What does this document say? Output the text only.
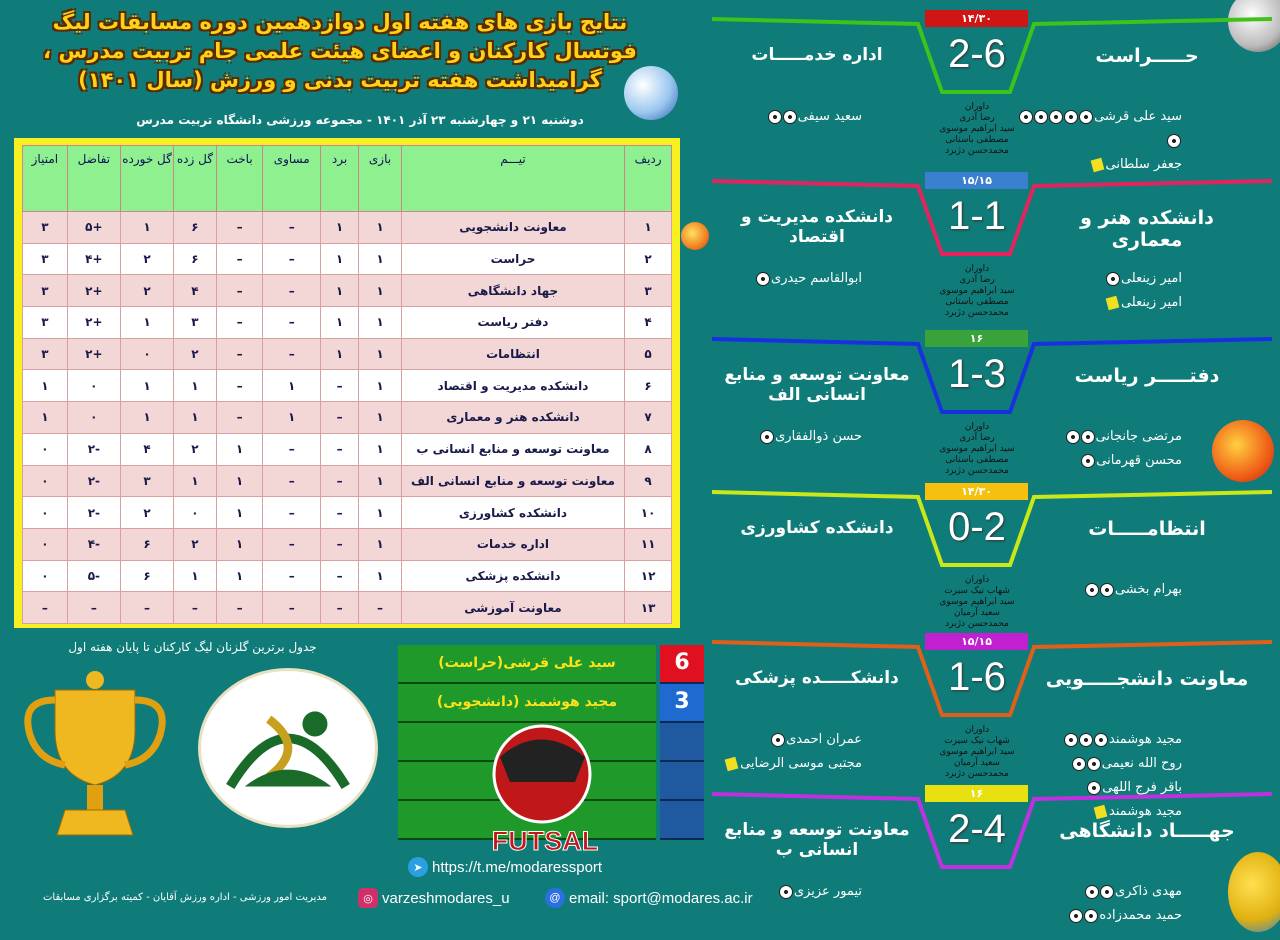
نتایج بازی های هفته اول دوازدهمین دوره مسابقات لیگ فوتسال کارکنان و اعضای هیئت علمی جام تربیت مدرس ، گرامیداشت هفته تربیت بدنی و ورزش (سال ۱۴۰۱)
دوشنبه ۲۱ و چهارشنبه ۲۳ آذر ۱۴۰۱ - مجموعه ورزشی دانشگاه تربیت مدرس
ردیف	تیـــم	بازی	برد	مساوی	باخت	گل زده	گل خورده	تفاضل	امتیاز
۱	معاونت دانشجویی	۱	۱	–	–	۶	۱	+۵	۳
۲	حراست	۱	۱	–	–	۶	۲	+۴	۳
۳	جهاد دانشگاهی	۱	۱	–	–	۴	۲	+۲	۳
۴	دفتر ریاست	۱	۱	–	–	۳	۱	+۲	۳
۵	انتظامات	۱	۱	–	–	۲	۰	+۲	۳
۶	دانشکده مدیریت و اقتصاد	۱	–	۱	–	۱	۱	۰	۱
۷	دانشکده هنر و معماری	۱	–	۱	–	۱	۱	۰	۱
۸	معاونت توسعه و منابع انسانی ب	۱	–	–	۱	۲	۴	-۲	۰
۹	معاونت توسعه و منابع انسانی الف	۱	–	–	۱	۱	۳	-۲	۰
۱۰	دانشکده کشاورزی	۱	–	–	۱	۰	۲	-۲	۰
۱۱	اداره خدمات	۱	–	–	۱	۲	۶	-۴	۰
۱۲	دانشکده پزشکی	۱	–	–	۱	۱	۶	-۵	۰
۱۳	معاونت آموزشی	–	–	–	–	–	–	–	–
جدول برترین گلزنان لیگ کارکنان تا پایان هفته اول
مدیریت امور ورزشی - اداره ورزش آقایان - کمیته برگزاری مسابقات
سید علی قرشی(حراست)	6
مجید هوشمند (دانشجویی)	3
FUTSAL
➤ https://t.me/modaressport
◎ varzeshmodares_u	@ email: sport@modares.ac.ir
۱۴/۳۰
2-6	حـــــراست
اداره خدمـــــات
داوران
رضا آذری
سید ابراهیم موسوی
مصطفی باستانی
محمدحسن دژبرد
سید علی قرشی
جعفر سلطانی
سعید سیفی
۱۵/۱۵
1-1	دانشکده هنر و معماری
دانشکده مدیریت و اقتصاد
داوران
رضا آذری
سید ابراهیم موسوی
مصطفی باستانی
محمدحسن دژبرد
امیر زینعلی
امیر زینعلی
ابوالقاسم حیدری
۱۶
1-3	دفتـــــر ریاست
معاونت توسعه و منابع انسانی الف
داوران
رضا آذری
سید ابراهیم موسوی
مصطفی باستانی
محمدحسن دژبرد
مرتضی جانجانی
محسن قهرمانی
حسن ذوالفقاری
۱۴/۳۰
0-2	انتظامـــــات
دانشکده کشاورزی
داوران
شهاب نیک سیرت
سید ابراهیم موسوی
سعید آرمیان
محمدحسن دژبرد
بهرام بخشی
۱۵/۱۵
1-6	معاونت دانشجـــــویی
دانشکـــــده پزشکی
داوران
شهاب نیک سیرت
سید ابراهیم موسوی
سعید آرمیان
محمدحسن دژبرد
مجید هوشمند
روح الله نعیمی
باقر فرج اللهی
مجید هوشمند
عمران احمدی
مجتبی موسی الرضایی
۱۶
2-4	جهـــــاد دانشگاهی
معاونت توسعه و منابع انسانی ب
مهدی ذاکری
حمید محمدزاده
تیمور عزیزی
